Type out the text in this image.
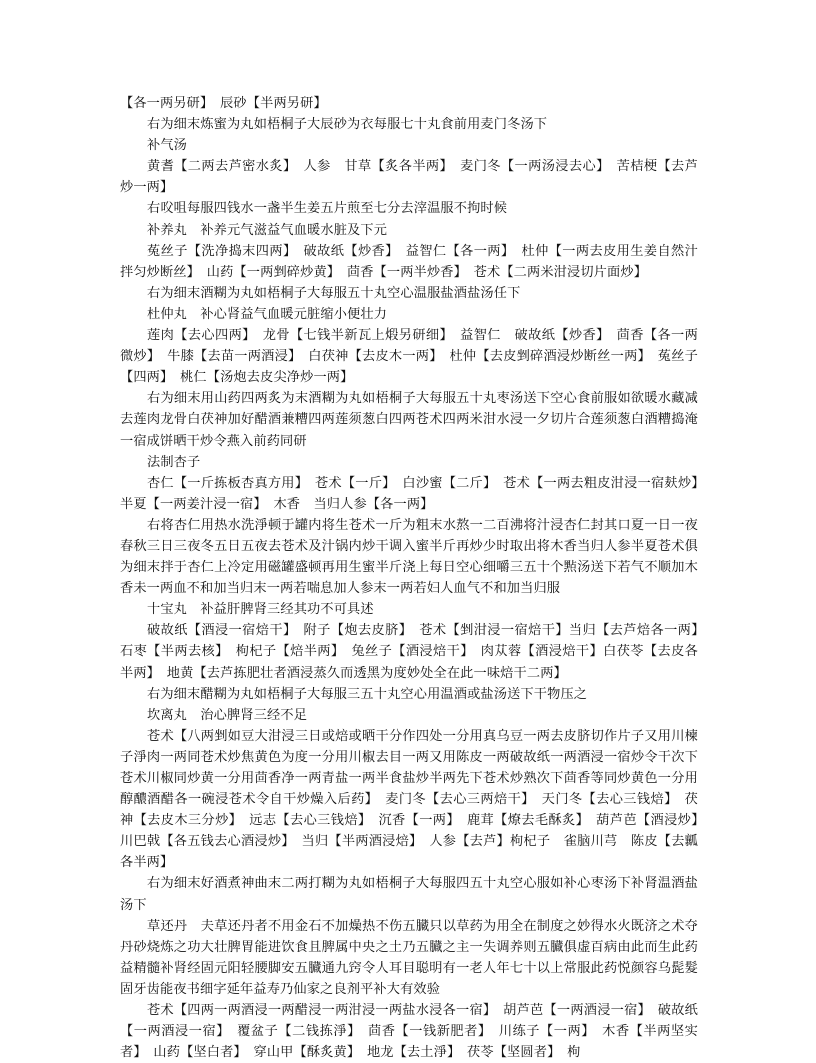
【各一两另研】　辰砂【半两另研】

右为细末炼蜜为丸如梧桐子大辰砂为衣每服七十丸食前用麦门冬汤下

补气汤

黄耆【二两去芦密水炙】　人参　甘草【炙各半两】　麦门冬【一两汤浸去心】　苦桔梗【去芦炒一两】

右㕮咀每服四钱水一盏半生姜五片煎至七分去滓温服不拘时候

补养丸　补养元气滋益气血暖水脏及下元

菟丝子【洗净捣末四两】　破故纸【炒香】　益智仁【各一两】　杜仲【一两去皮用生姜自然汁拌匀炒断丝】　山药【一两剉碎炒黄】　茴香【一两半炒香】　苍术【二两米泔浸切片面炒】

右为细末酒糊为丸如梧桐子大每服五十丸空心温服盐酒盐汤任下

杜仲丸　补心肾益气血暖元脏缩小便壮力

莲肉【去心四两】　龙骨【七钱半新瓦上煅另研细】　益智仁　破故纸【炒香】　茴香【各一两微炒】　牛膝【去苗一两酒浸】　白茯神【去皮木一两】　杜仲【去皮剉碎酒浸炒断丝一两】　菟丝子【四两】　桃仁【汤炮去皮尖净炒一两】

右为细末用山药四两炙为末酒糊为丸如梧桐子大每服五十丸枣汤送下空心食前服如欲暖水藏减去莲肉龙骨白茯神加好醋酒兼糟四两莲须葱白四两苍术四两米泔水浸一夕切片合莲须葱白酒糟捣淹一宿成饼晒干炒令燕入前药同研

法制杏子

杏仁【一斤拣板杏真方用】　苍术【一斤】　白沙蜜【二斤】　苍术【一两去粗皮泔浸一宿麸炒】　半夏【一两姜汁浸一宿】　木香　当归人参【各一两】

右将杏仁用热水洗淨顿于罐内将生苍术一斤为粗末水熬一二百沸将汁浸杏仁封其口夏一日一夜春秋三日三夜冬五日五夜去苍术及汁锅内炒干调入蜜半斤再炒少时取出将木香当归人参半夏苍术俱为细末拌于杏仁上冷定用磁罐盛顿再用生蜜半斤浇上每日空心细嚼三五十个㸃汤送下若气不顺加木香未一两血不和加当归末一两若喘息加人参末一两若妇人血气不和加当归服

十宝丸　补益肝脾肾三经其功不可具述

破故纸【酒浸一宿焙干】　附子【炮去皮脐】　苍术【剉泔浸一宿焙干】当归【去芦焙各一两】　石枣【半两去核】　枸杞子【焙半两】　兔丝子【酒浸焙干】　肉苁蓉【酒浸焙干】白茯苓【去皮各半两】　地黄【去芦拣肥壮者酒浸蒸久而透黑为度妙处全在此一味焙干二两】

右为细末醋糊为丸如梧桐子大每服三五十丸空心用温酒或盐汤送下干物压之

坎离丸　治心脾肾三经不足

苍术【八两剉如豆大泔浸三日或焙或晒干分作四处一分用真乌豆一两去皮脐切作片子又用川楝子淨肉一两同苍术炒焦黄色为度一分用川椒去目一两又用陈皮一两破故纸一两酒浸一宿炒令干次下苍术川椒同炒黄一分用茴香净一两青盐一两半食盐炒半两先下苍术炒熟次下茴香等同炒黄色一分用醇醲酒醋各一碗浸苍术令自干炒燥入后药】　麦门冬【去心三两焙干】　天门冬【去心三钱焙】　茯神【去皮木三分炒】　远志【去心三钱焙】　沉香【一两】　鹿茸【燎去毛酥炙】　葫芦芭【酒浸炒】　川巴戟【各五钱去心酒浸炒】　当归【半两酒浸焙】　人参【去芦】枸杞子　雀脑川芎　陈皮【去瓤各半两】

右为细末好酒煮神曲末二两打糊为丸如梧桐子大每服四五十丸空心服如补心枣汤下补肾温酒盐汤下

草还丹　夫草还丹者不用金石不加燥热不伤五臓只以草药为用全在制度之妙得水火既济之术夺丹砂烧炼之功大壮脾胃能进饮食且脾属中央之土乃五臓之主一失调养则五臓俱虚百病由此而生此药益精髓补肾经固元阳轻腰脚安五臓通九窍令人耳目聪明有一老人年七十以上常服此药悦颜容乌髭髮固牙齿能夜书细字延年益寿乃仙家之良剂平补大有效验

苍术【四两一两酒浸一两醋浸一两泔浸一两盐水浸各一宿】　胡芦芭【一两酒浸一宿】　破故纸【一两酒浸一宿】　覆盆子【二钱拣淨】　茴香【一钱新肥者】　川练子【一两】　木香【半两坚实者】　山药【坚白者】　穿山甲【酥炙黄】　地龙【去土淨】　茯苓【坚圆者】　枸
